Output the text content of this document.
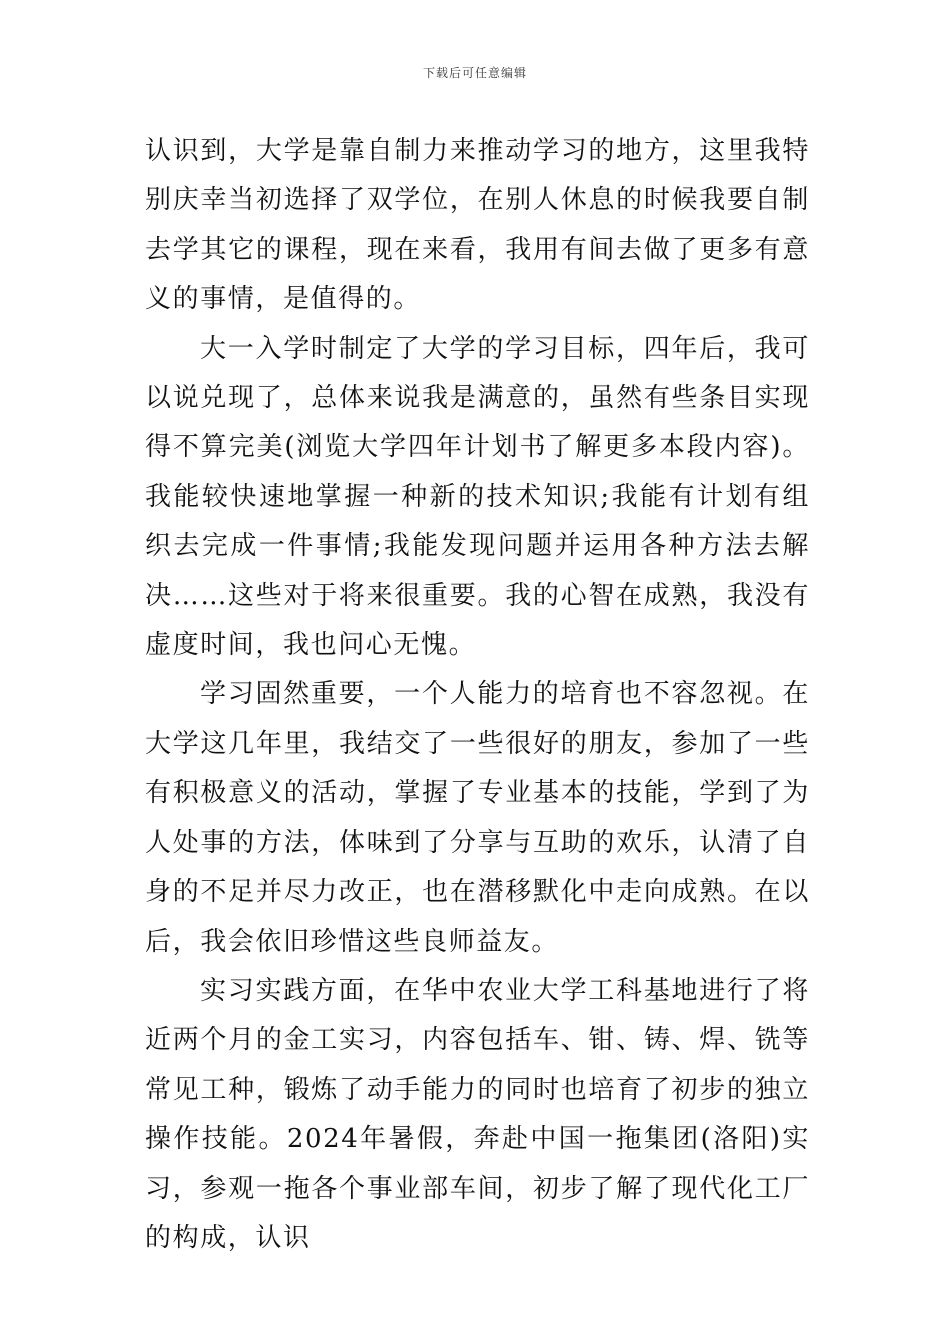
下载后可任意编辑

认识到，大学是靠自制力来推动学习的地方，这里我特别庆幸当初选择了双学位，在别人休息的时候我要自制去学其它的课程，现在来看，我用有间去做了更多有意义的事情，是值得的。

大一入学时制定了大学的学习目标，四年后，我可以说兑现了，总体来说我是满意的，虽然有些条目实现得不算完美(浏览大学四年计划书了解更多本段内容)。我能较快速地掌握一种新的技术知识;我能有计划有组织去完成一件事情;我能发现问题并运用各种方法去解决……这些对于将来很重要。我的心智在成熟，我没有虚度时间，我也问心无愧。

学习固然重要，一个人能力的培育也不容忽视。在大学这几年里，我结交了一些很好的朋友，参加了一些有积极意义的活动，掌握了专业基本的技能，学到了为人处事的方法，体味到了分享与互助的欢乐，认清了自身的不足并尽力改正，也在潜移默化中走向成熟。在以后，我会依旧珍惜这些良师益友。

实习实践方面，在华中农业大学工科基地进行了将近两个月的金工实习，内容包括车、钳、铸、焊、铣等常见工种，锻炼了动手能力的同时也培育了初步的独立操作技能。2024年暑假，奔赴中国一拖集团(洛阳)实习，参观一拖各个事业部车间，初步了解了现代化工厂的构成，认识
